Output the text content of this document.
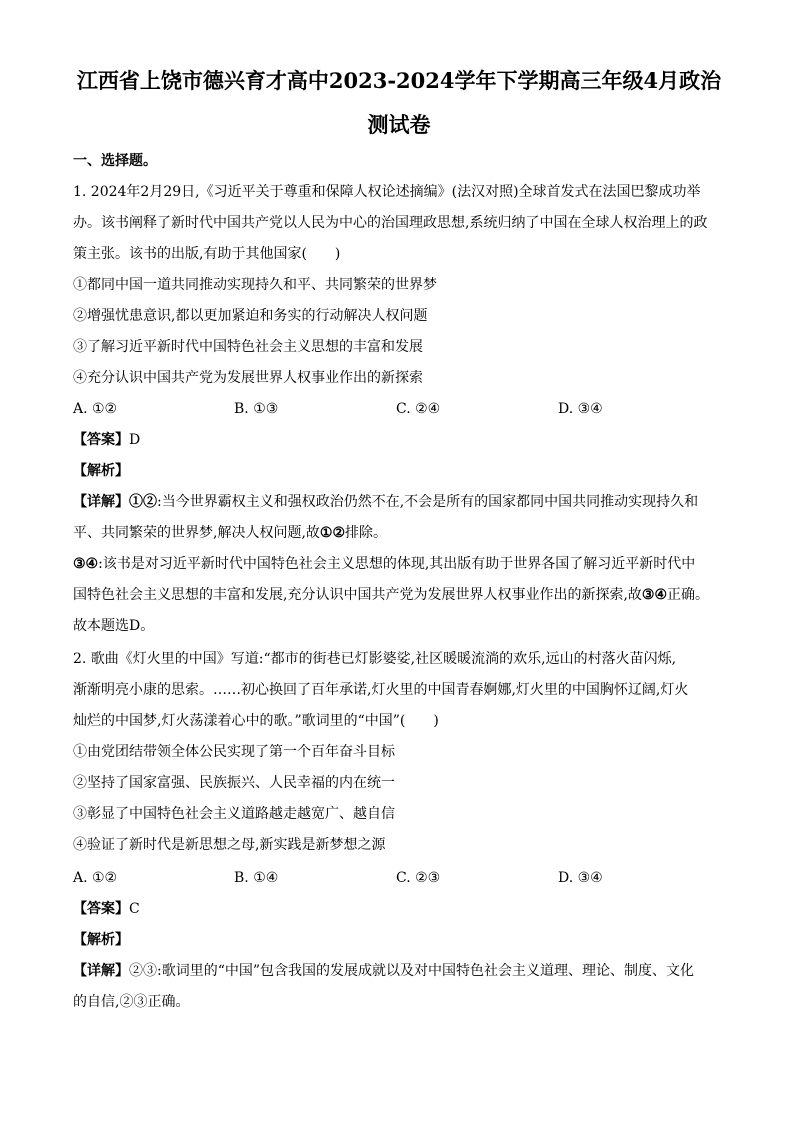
江西省上饶市德兴育才高中2023-2024学年下学期高三年级4月政治
测试卷
一、选择题。
1. 2024年2月29日,《习近平关于尊重和保障人权论述摘编》(法汉对照)全球首发式在法国巴黎成功举
办。该书阐释了新时代中国共产党以人民为中心的治国理政思想,系统归纳了中国在全球人权治理上的政
策主张。该书的出版,有助于其他国家(　　)
①都同中国一道共同推动实现持久和平、共同繁荣的世界梦
②增强忧患意识,都以更加紧迫和务实的行动解决人权问题
③了解习近平新时代中国特色社会主义思想的丰富和发展
④充分认识中国共产党为发展世界人权事业作出的新探索
A. ①②	B. ①③	C. ②④	D. ③④
【答案】D
【解析】
【详解】①②:当今世界霸权主义和强权政治仍然不在,不会是所有的国家都同中国共同推动实现持久和
平、共同繁荣的世界梦,解决人权问题,故①②排除。
③④:该书是对习近平新时代中国特色社会主义思想的体现,其出版有助于世界各国了解习近平新时代中
国特色社会主义思想的丰富和发展,充分认识中国共产党为发展世界人权事业作出的新探索,故③④正确。
故本题选D。
2. 歌曲《灯火里的中国》写道:“都市的街巷已灯影婆娑,社区暖暖流淌的欢乐,远山的村落火苗闪烁,
渐渐明亮小康的思索。……初心换回了百年承诺,灯火里的中国青春婀娜,灯火里的中国胸怀辽阔,灯火
灿烂的中国梦,灯火荡漾着心中的歌。”歌词里的“中国”(　　)
①由党团结带领全体公民实现了第一个百年奋斗目标
②坚持了国家富强、民族振兴、人民幸福的内在统一
③彰显了中国特色社会主义道路越走越宽广、越自信
④验证了新时代是新思想之母,新实践是新梦想之源
A. ①②	B. ①④	C. ②③	D. ③④
【答案】C
【解析】
【详解】②③:歌词里的“中国”包含我国的发展成就以及对中国特色社会主义道理、理论、制度、文化
的自信,②③正确。
